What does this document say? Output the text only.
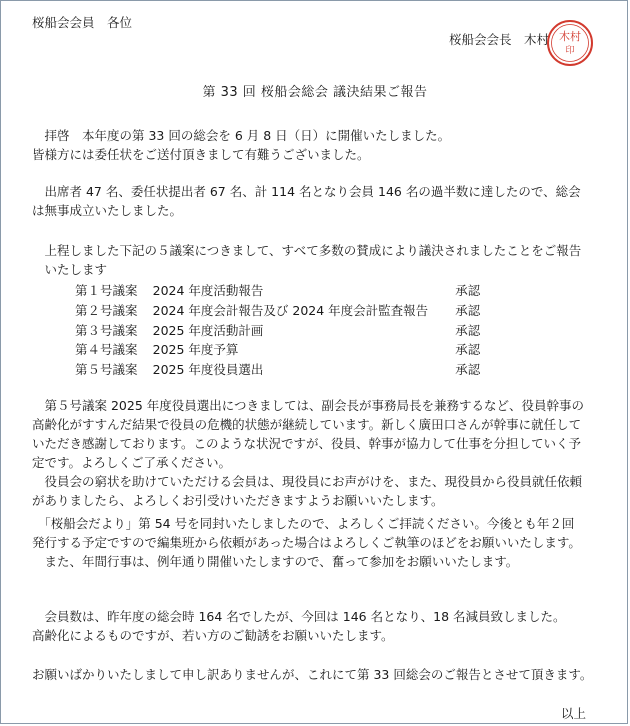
桜船会会員　各位
桜船会会長　木村 木村
印
第 33 回 桜船会総会 議決結果ご報告
　拝啓　本年度の第 33 回の総会を 6 月 8 日（日）に開催いたしました。
皆様方には委任状をご送付頂きまして有難うございました。
　出席者 47 名、委任状提出者 67 名、計 114 名となり会員 146 名の過半数に達したので、総会
は無事成立いたしました。
　上程しました下記の５議案につきまして、すべて多数の賛成により議決されましたことをご報告
　いたします
第１号議案	2024 年度活動報告	承認
第２号議案	2024 年度会計報告及び 2024 年度会計監査報告	承認
第３号議案	2025 年度活動計画	承認
第４号議案	2025 年度予算	承認
第５号議案	2025 年度役員選出	承認
　第５号議案 2025 年度役員選出につきましては、副会長が事務局長を兼務するなど、役員幹事の
高齢化がすすんだ結果で役員の危機的状態が継続しています。新しく廣田口さんが幹事に就任して
いただき感謝しております。このような状況ですが、役員、幹事が協力して仕事を分担していく予
定です。よろしくご了承ください。
　役員会の窮状を助けていただける会員は、現役員にお声がけを、また、現役員から役員就任依頼
がありましたら、よろしくお引受けいただきますようお願いいたします。
　「桜船会だより」第 54 号を同封いたしましたので、よろしくご拝読ください。今後とも年２回
発行する予定ですので編集班から依頼があった場合はよろしくご執筆のほどをお願いいたします。
　また、年間行事は、例年通り開催いたしますので、奮って参加をお願いいたします。
　会員数は、昨年度の総会時 164 名でしたが、今回は 146 名となり、18 名減員致しました。
高齢化によるものですが、若い方のご勧誘をお願いいたします。
お願いばかりいたしまして申し訳ありませんが、これにて第 33 回総会のご報告とさせて頂きます。
以上
